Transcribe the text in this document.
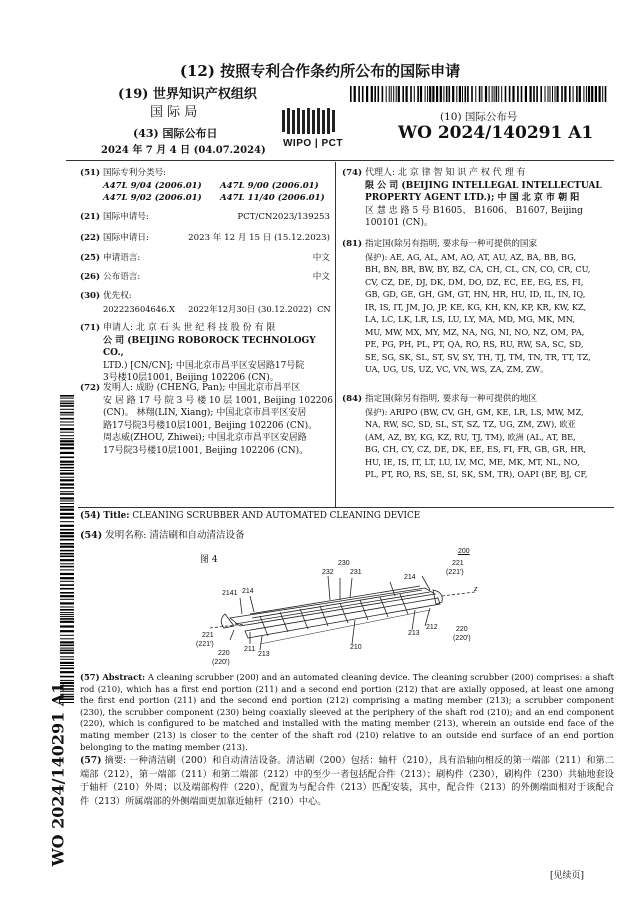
(12) 按照专利合作条约所公布的国际申请
(19) 世界知识产权组织
国 际 局
WIPO | PCT
(43) 国际公布日
2024 年 7 月 4 日 (04.07.2024)
(10) 国际公布号
WO 2024/140291 A1
WO 2024/140291 A1
(51) 国际专利分类号:
A47L 9/04 (2006.01) A47L 9/00 (2006.01)
A47L 9/02 (2006.01) A47L 11/40 (2006.01)
(21) 国际申请号:	PCT/CN2023/139253
(22) 国际申请日:	2023 年 12 月 15 日 (15.12.2023)
(25) 申请语言:	中文
(26) 公布语言:	中文
(30) 优先权:
202223604646.X     2022年12月30日 (30.12.2022)  CN
(71) 申请人: 北 京 石 头 世 纪 科 技 股 份 有 限
公 司 (BEIJING ROBOROCK TECHNOLOGY CO.,
LTD.) [CN/CN]; 中国北京市昌平区安居路17号院
3号楼10层1001, Beijing 102206 (CN)。
(72) 发明人: 成盼 (CHENG, Pan); 中国北京市昌平区
安 居 路 17 号 院 3 号 楼 10 层 1001, Beijing 102206
(CN)。 林翔(LIN, Xiang); 中国北京市昌平区安居
路17号院3号楼10层1001, Beijing 102206 (CN)。
周志威(ZHOU, Zhiwei); 中国北京市昌平区安居路
17号院3号楼10层1001, Beijing 102206 (CN)。
(74) 代理人: 北 京 律 智 知 识 产 权 代 理 有
限 公 司 (BEIJING INTELLEGAL INTELLECTUAL
PROPERTY AGENT LTD.); 中 国 北 京 市 朝 阳
区 慧 忠 路 5 号 B1605、 B1606、 B1607, Beijing
100101 (CN)。
(81) 指定国(除另有指明, 要求每一种可提供的国家
保护): AE, AG, AL, AM, AO, AT, AU, AZ, BA, BB, BG,
BH, BN, BR, BW, BY, BZ, CA, CH, CL, CN, CO, CR, CU,
CV, CZ, DE, DJ, DK, DM, DO, DZ, EC, EE, EG, ES, FI,
GB, GD, GE, GH, GM, GT, HN, HR, HU, ID, IL, IN, IQ,
IR, IS, IT, JM, JO, JP, KE, KG, KH, KN, KP, KR, KW, KZ,
LA, LC, LK, LR, LS, LU, LY, MA, MD, MG, MK, MN,
MU, MW, MX, MY, MZ, NA, NG, NI, NO, NZ, OM, PA,
PE, PG, PH, PL, PT, QA, RO, RS, RU, RW, SA, SC, SD,
SE, SG, SK, SL, ST, SV, SY, TH, TJ, TM, TN, TR, TT, TZ,
UA, UG, US, UZ, VC, VN, WS, ZA, ZM, ZW。
(84) 指定国(除另有指明, 要求每一种可提供的地区
保护): ARIPO (BW, CV, GH, GM, KE, LR, LS, MW, MZ,
NA, RW, SC, SD, SL, ST, SZ, TZ, UG, ZM, ZW), 欧亚
(AM, AZ, BY, KG, KZ, RU, TJ, TM), 欧洲 (AL, AT, BE,
BG, CH, CY, CZ, DE, DK, EE, ES, FI, FR, GB, GR, HR,
HU, IE, IS, IT, LT, LU, LV, MC, ME, MK, MT, NL, NO,
PL, PT, RO, RS, SE, SI, SK, SM, TR), OAPI (BF, BJ, CF,
(54) Title: CLEANING SCRUBBER AND AUTOMATED CLEANING DEVICE
(54) 发明名称: 清洁刷和自动清洁设备
图 4
200
230
232 231
214
221
(221')
2141 214
212
213
220
(220')
210
221
(221')
211
213
220
(220')
z
(57) Abstract: A cleaning scrubber (200) and an automated cleaning device. The cleaning scrubber (200) comprises: a shaft rod (210), which has a first end portion (211) and a second end portion (212) that are axially opposed, at least one among the first end portion (211) and the second end portion (212) comprising a mating member (213); a scrubber component (230), the scrubber component (230) being coaxially sleeved at the periphery of the shaft rod (210); and an end component (220), which is configured to be matched and installed with the mating member (213), wherein an outside end face of the mating member (213) is closer to the center of the shaft rod (210) relative to an outside end surface of an end portion belonging to the mating member (213).
(57) 摘要: 一种清洁刷（200）和自动清洁设备。清洁刷（200）包括：轴杆（210），具有沿轴向相反的第一端部（211）和第二端部（212），第一端部（211）和第二端部（212）中的至少一者包括配合件（213）；刷构件（230），刷构件（230）共轴地套设于轴杆（210）外周；以及端部构件（220），配置为与配合件（213）匹配安装，其中，配合件（213）的外侧端面相对于该配合件（213）所属端部的外侧端面更加靠近轴杆（210）中心。
[见续页]
